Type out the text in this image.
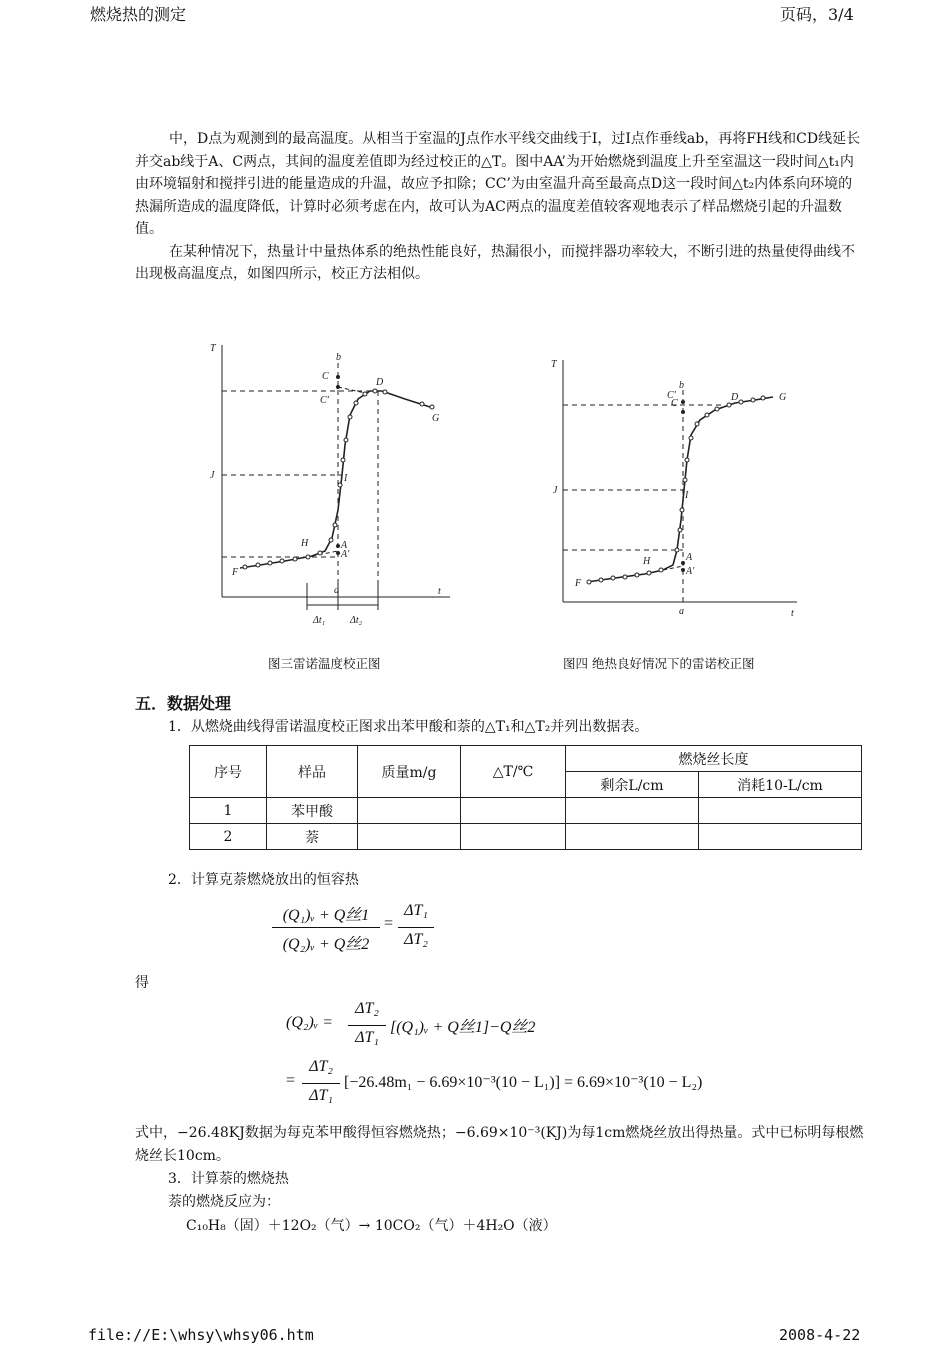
燃烧热的测定	页码，3/4

中，D点为观测到的最高温度。从相当于室温的J点作水平线交曲线于I，过I点作垂线ab，再将FH线和CD线延长并交ab线于A、C两点，其间的温度差值即为经过校正的△T。图中AA’为开始燃烧到温度上升至室温这一段时间△t₁内由环境辐射和搅拌引进的能量造成的升温，故应予扣除；CC’为由室温升高至最高点D这一段时间△t₂内体系向环境的热漏所造成的温度降低，计算时必须考虑在内，故可认为AC两点的温度差值较客观地表示了样品燃烧引起的升温数值。

在某种情况下，热量计中量热体系的绝热性能良好，热漏很小，而搅拌器功率较大，不断引进的热量使得曲线不出现极高温度点，如图四所示，校正方法相似。

T
t
J	I
F
H	A
A'
C
C'
b
a
D
G
Δt₁ Δt₂
T
t
J	I
F
H	A
A'
C
C'
b
a
D	G
图三雷诺温度校正图	图四 绝热良好情况下的雷诺校正图
五．数据处理
1．从燃烧曲线得雷诺温度校正图求出苯甲酸和萘的△T₁和△T₂并列出数据表。
序号	样品	质量m/g	△T/℃	燃烧丝长度	
				剩余L/cm	消耗10-L/cm
1	苯甲酸				
2	萘				
2．计算克萘燃烧放出的恒容热
(Q₁)ᵥ + Q丝1
(Q₂)ᵥ + Q丝2
=
ΔT₁
ΔT₂
得
(Q₂)ᵥ =
ΔT₂
ΔT₁
[(Q₁)ᵥ + Q丝1]−Q丝2
=
ΔT₂
ΔT₁
[−26.48m₁ − 6.69×10⁻³(10 − L₁)] = 6.69×10⁻³(10 − L₂)

式中，−26.48KJ数据为每克苯甲酸得恒容燃烧热；−6.69×10⁻³(KJ)为每1cm燃烧丝放出得热量。式中已标明每根燃烧丝长10cm。

3．计算萘的燃烧热
萘的燃烧反应为：
C₁₀H₈（固）＋12O₂（气）→ 10CO₂（气）＋4H₂O（液）
file://E:\whsy\whsy06.htm	2008-4-22
